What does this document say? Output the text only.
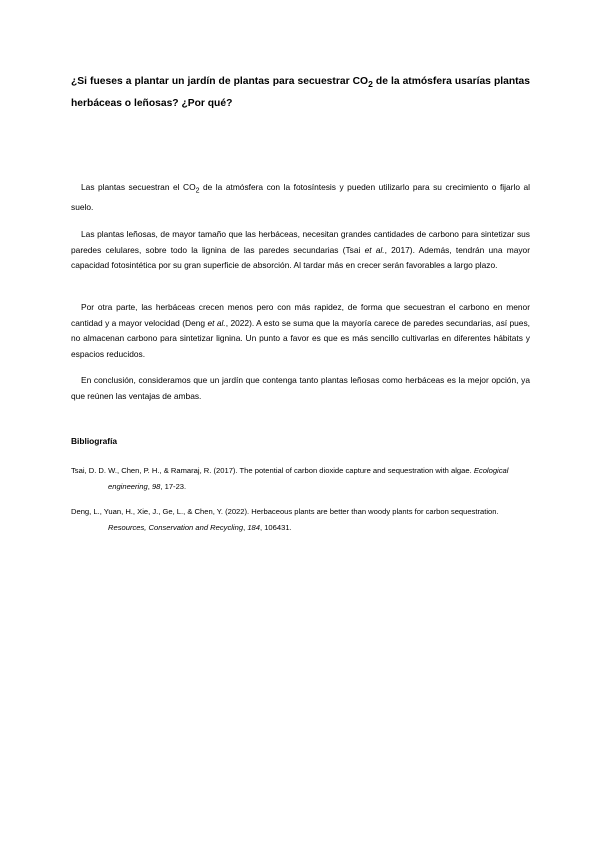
¿Si fueses a plantar un jardín de plantas para secuestrar $CO_2$ de la atmósfera usarías plantas herbáceas o leñosas? ¿Por qué?

Las plantas secuestran el $CO_2$ de la atmósfera con la fotosíntesis y pueden utilizarlo para su crecimiento o fijarlo al suelo.

Las plantas leñosas, de mayor tamaño que las herbáceas, necesitan grandes cantidades de carbono para sintetizar sus paredes celulares, sobre todo la lignina de las paredes secundarias (Tsai et al., 2017). Además, tendrán una mayor capacidad fotosintética por su gran superficie de absorción. Al tardar más en crecer serán favorables a largo plazo.

Por otra parte, las herbáceas crecen menos pero con más rapidez, de forma que secuestran el carbono en menor cantidad y a mayor velocidad (Deng et al., 2022). A esto se suma que la mayoría carece de paredes secundarias, así pues, no almacenan carbono para sintetizar lignina. Un punto a favor es que es más sencillo cultivarlas en diferentes hábitats y espacios reducidos.

En conclusión, consideramos que un jardín que contenga tanto plantas leñosas como herbáceas es la mejor opción, ya que reúnen las ventajas de ambas.

Bibliografía
Tsai, D. D. W., Chen, P. H., & Ramaraj, R. (2017). The potential of carbon dioxide capture and sequestration with algae. Ecological engineering, 98, 17-23.
Deng, L., Yuan, H., Xie, J., Ge, L., & Chen, Y. (2022). Herbaceous plants are better than woody plants for carbon sequestration. Resources, Conservation and Recycling, 184, 106431.
